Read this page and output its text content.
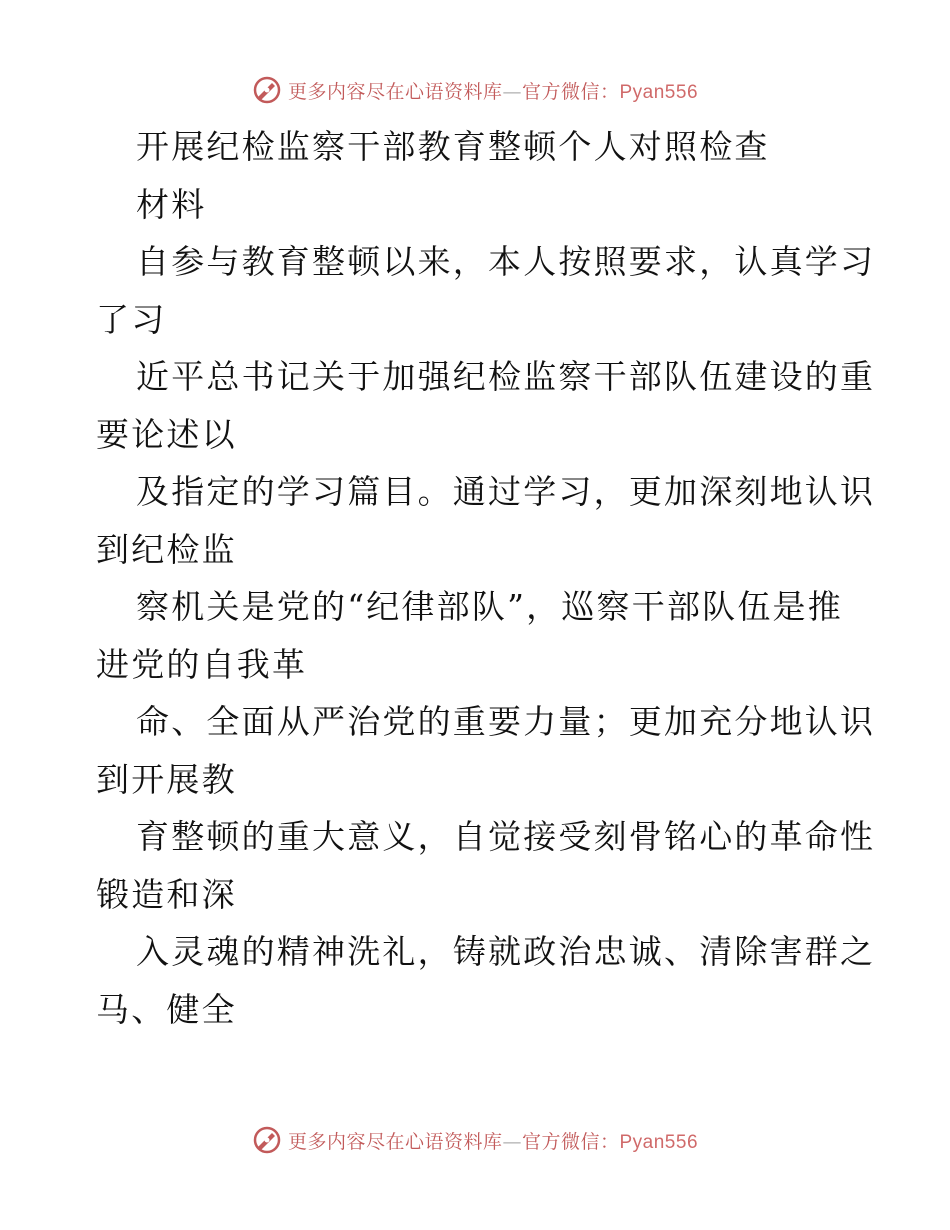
更多内容尽在心语资料库—官方微信：Pyan556
开展纪检监察干部教育整顿个人对照检查
材料
自参与教育整顿以来，本人按照要求，认真学习
了习
近平总书记关于加强纪检监察干部队伍建设的重
要论述以
及指定的学习篇目。通过学习，更加深刻地认识
到纪检监
察机关是党的“纪律部队”，巡察干部队伍是推
进党的自我革
命、全面从严治党的重要力量；更加充分地认识
到开展教
育整顿的重大意义，自觉接受刻骨铭心的革命性
锻造和深
入灵魂的精神洗礼，铸就政治忠诚、清除害群之
马、健全
更多内容尽在心语资料库—官方微信：Pyan556
